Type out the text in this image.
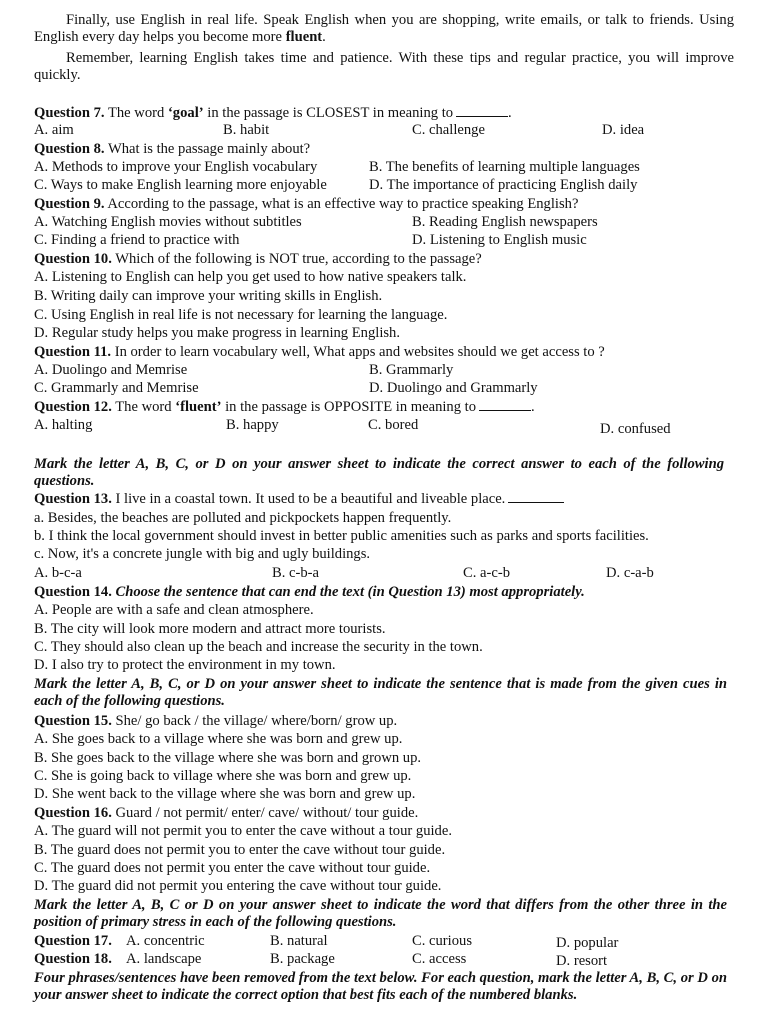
Finally, use English in real life. Speak English when you are shopping, write emails, or talk to friends. Using English every day helps you become more fluent.
Remember, learning English takes time and patience. With these tips and regular practice, you will improve quickly.
Question 7. The word ‘goal’ in the passage is CLOSEST in meaning to	.
A. aim	B. habit	C. challenge	D. idea
Question 8. What is the passage mainly about?
A. Methods to improve your English vocabulary	B. The benefits of learning multiple languages
C. Ways to make English learning more enjoyable	D. The importance of practicing English daily
Question 9. According to the passage, what is an effective way to practice speaking English?
A. Watching English movies without subtitles	B. Reading English newspapers
C. Finding a friend to practice with	D. Listening to English music
Question 10. Which of the following is NOT true, according to the passage?
A. Listening to English can help you get used to how native speakers talk.
B. Writing daily can improve your writing skills in English.
C. Using English in real life is not necessary for learning the language.
D. Regular study helps you make progress in learning English.
Question 11. In order to learn vocabulary well, What apps and websites should we get access to ?
A. Duolingo and Memrise	B. Grammarly
C. Grammarly and Memrise	D. Duolingo and Grammarly
Question 12. The word ‘fluent’ in the passage is OPPOSITE in meaning to	.
A. halting	B. happy	C. bored	D. confused
Mark the letter A, B, C, or D on your answer sheet to indicate the correct answer to each of the following questions.
Question 13. I live in a coastal town. It used to be a beautiful and liveable place.
a. Besides, the beaches are polluted and pickpockets happen frequently.
b. I think the local government should invest in better public amenities such as parks and sports facilities.
c. Now, it's a concrete jungle with big and ugly buildings.
A. b-c-a	B. c-b-a	C. a-c-b	D. c-a-b
Question 14. Choose the sentence that can end the text (in Question 13) most appropriately.
A. People are with a safe and clean atmosphere.
B. The city will look more modern and attract more tourists.
C. They should also clean up the beach and increase the security in the town.
D. I also try to protect the environment in my town.
Mark the letter A, B, C, or D on your answer sheet to indicate the sentence that is made from the given cues in each of the following questions.
Question 15. She/ go back / the village/ where/born/ grow up.
A. She goes back to a village where she was born and grew up.
B. She goes back to the village where she was born and grown up.
C. She is going back to village where she was born and grew up.
D. She went back to the village where she was born and grew up.
Question 16. Guard / not permit/ enter/ cave/ without/ tour guide.
A. The guard will not permit you to enter the cave without a tour guide.
B. The guard does not permit you to enter the cave without tour guide.
C. The guard does not permit you enter the cave without tour guide.
D. The guard did not permit you entering the cave without tour guide.
Mark the letter A, B, C or D on your answer sheet to indicate the word that differs from the other three in the position of primary stress in each of the following questions.
Question 17. A. concentric	B. natural	C. curious	D. popular
Question 18. A. landscape	B. package	C. access	D. resort
Four phrases/sentences have been removed from the text below. For each question, mark the letter A, B, C, or D on your answer sheet to indicate the correct option that best fits each of the numbered blanks.
